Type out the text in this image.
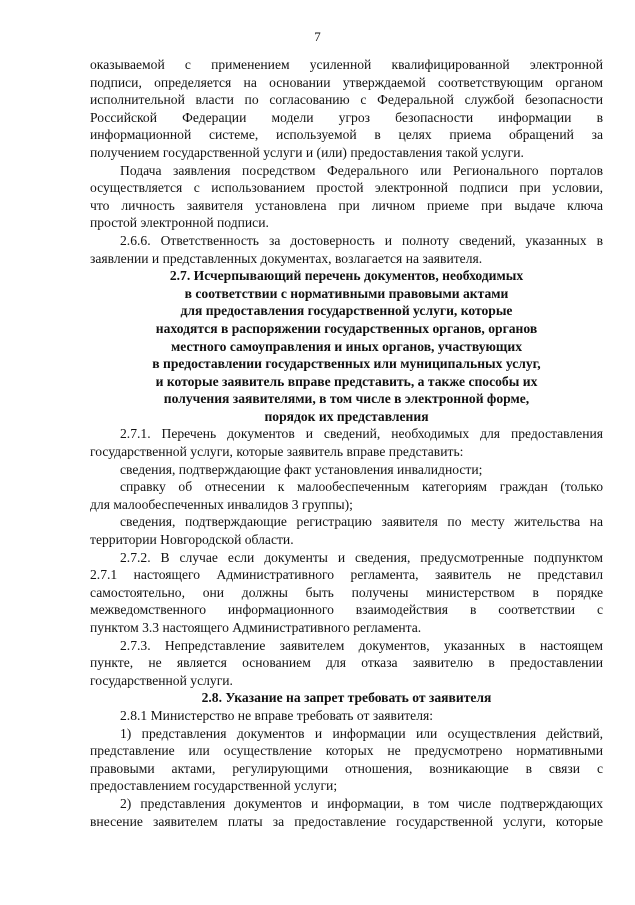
7
оказываемой с применением усиленной квалифицированной электронной
подписи, определяется на основании утверждаемой соответствующим органом
исполнительной власти по согласованию с Федеральной службой безопасности
Российской Федерации модели угроз безопасности информации в
информационной системе, используемой в целях приема обращений за
получением государственной услуги и (или) предоставления такой услуги.
Подача заявления посредством Федерального или Регионального порталов
осуществляется с использованием простой электронной подписи при условии,
что личность заявителя установлена при личном приеме при выдаче ключа
простой электронной подписи.
2.6.6. Ответственность за достоверность и полноту сведений, указанных в
заявлении и представленных документах, возлагается на заявителя.
2.7. Исчерпывающий перечень документов, необходимых
в соответствии с нормативными правовыми актами
для предоставления государственной услуги, которые
находятся в распоряжении государственных органов, органов
местного самоуправления и иных органов, участвующих
в предоставлении государственных или муниципальных услуг,
и которые заявитель вправе представить, а также способы их
получения заявителями, в том числе в электронной форме,
порядок их представления
2.7.1. Перечень документов и сведений, необходимых для предоставления
государственной услуги, которые заявитель вправе представить:
сведения, подтверждающие факт установления инвалидности;
справку об отнесении к малообеспеченным категориям граждан (только
для малообеспеченных инвалидов 3 группы);
сведения, подтверждающие регистрацию заявителя по месту жительства на
территории Новгородской области.
2.7.2. В случае если документы и сведения, предусмотренные подпунктом
2.7.1 настоящего Административного регламента, заявитель не представил
самостоятельно, они должны быть получены министерством в порядке
межведомственного информационного взаимодействия в соответствии с
пунктом 3.3 настоящего Административного регламента.
2.7.3. Непредставление заявителем документов, указанных в настоящем
пункте, не является основанием для отказа заявителю в предоставлении
государственной услуги.
2.8. Указание на запрет требовать от заявителя
2.8.1 Министерство не вправе требовать от заявителя:
1) представления документов и информации или осуществления действий,
представление или осуществление которых не предусмотрено нормативными
правовыми актами, регулирующими отношения, возникающие в связи с
предоставлением государственной услуги;
2) представления документов и информации, в том числе подтверждающих
внесение заявителем платы за предоставление государственной услуги, которые
